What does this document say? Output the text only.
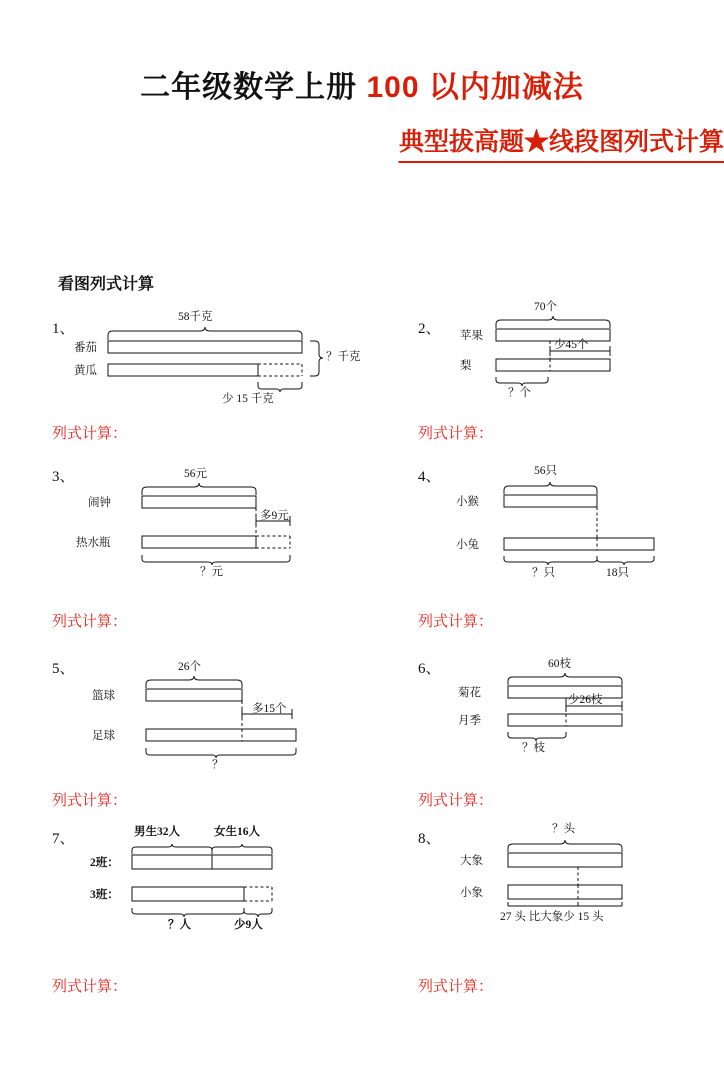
二年级数学上册 100 以内加减法
典型拔高题★线段图列式计算
看图列式计算
1、
58千克
番茄
黄瓜
？千克
少 15 千克
列式计算：
2、
70个
苹果
梨
少45个
？个
列式计算：
3、	56元
闹钟
热水瓶
多9元
？元
列式计算：
4、	56只
小猴
小兔
？只	18只
列式计算：
5、	26个
篮球
足球
多15个
？
列式计算：
6、	60枝
菊花
月季
少26枝
？枝
列式计算：
7、	男生32人	女生16人
2班：
3班：
？人	少9人
列式计算：
8、
？头
大象
小象
27 头 比大象少 15 头
列式计算：
